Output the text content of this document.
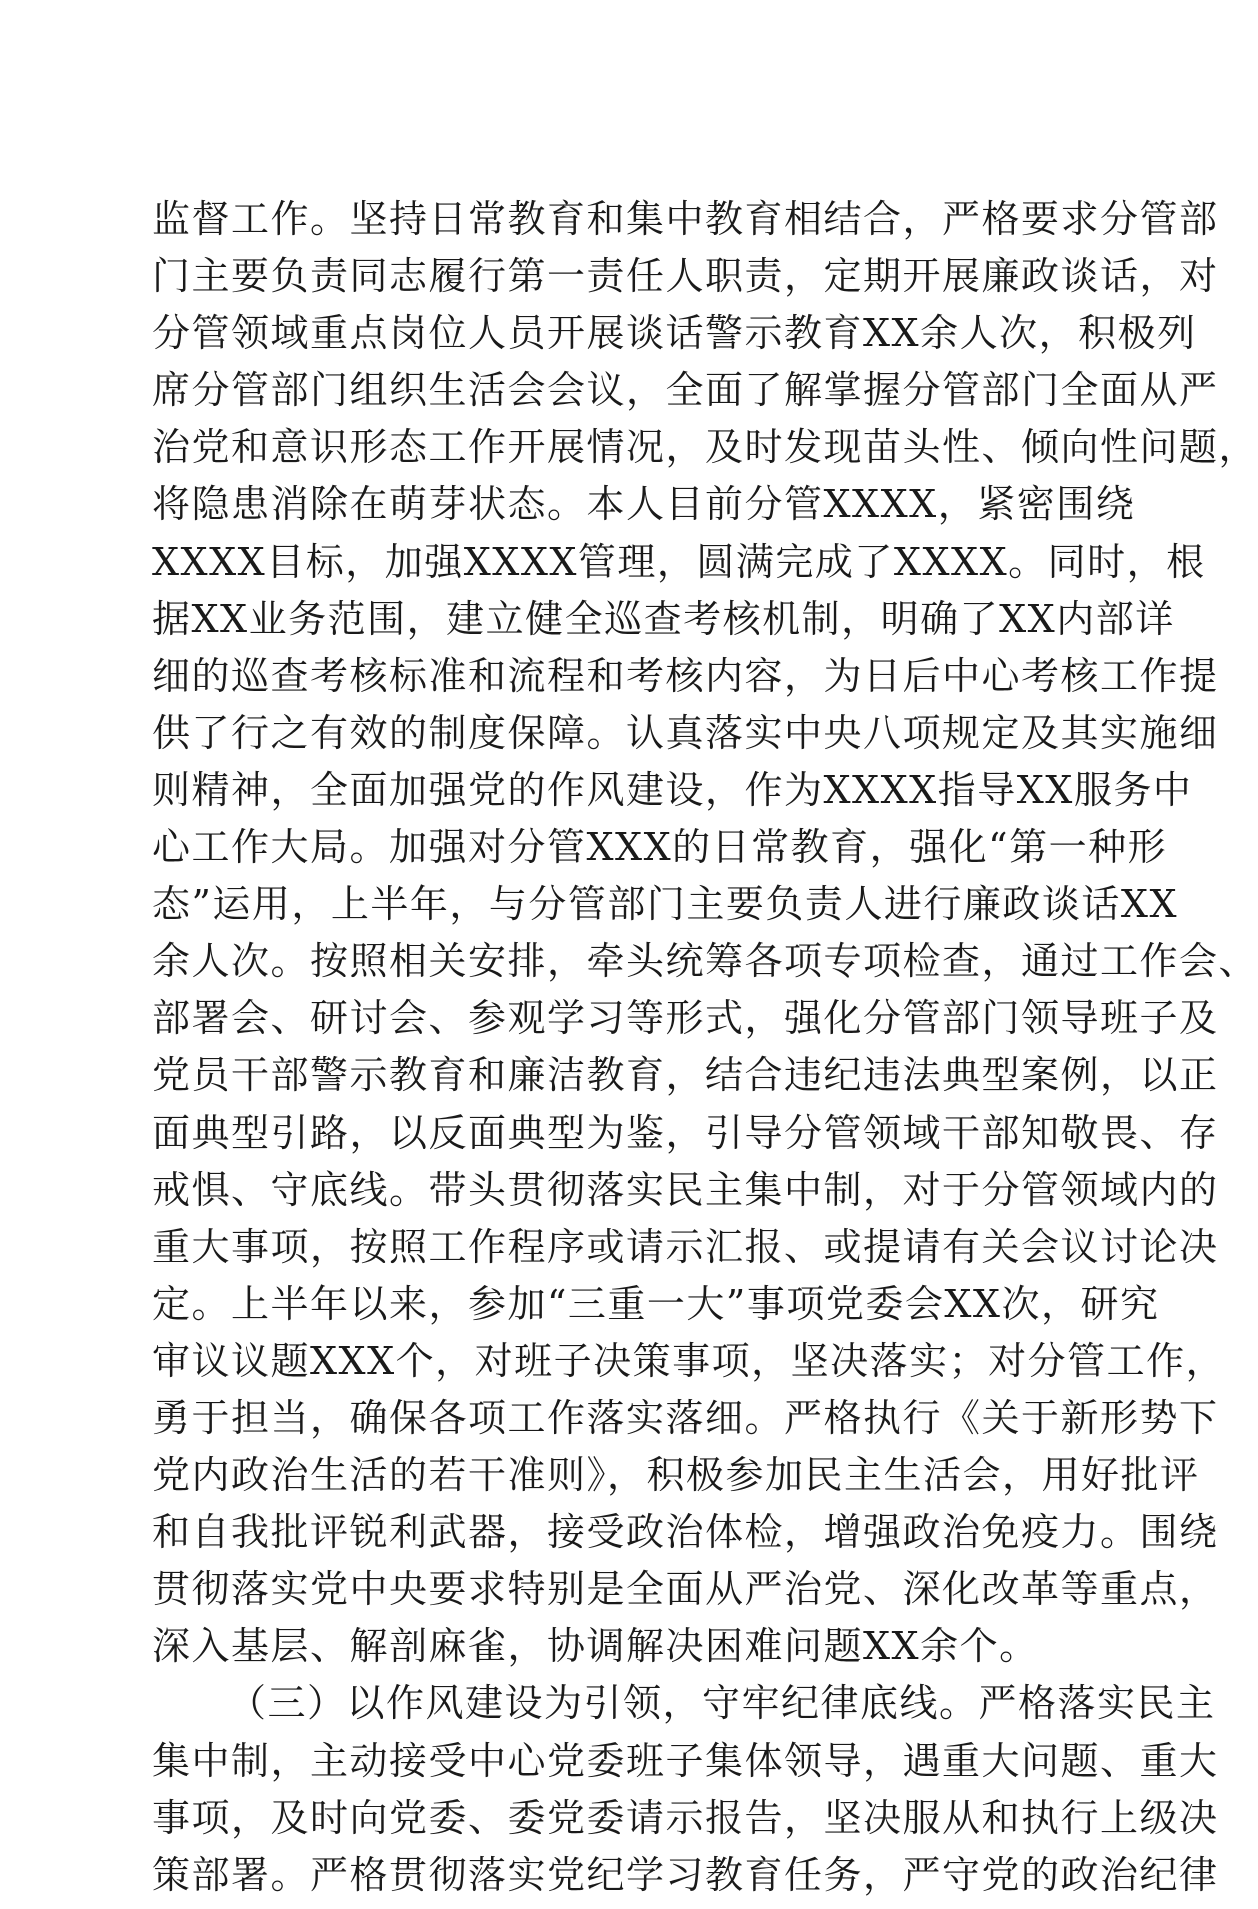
监督工作。坚持日常教育和集中教育相结合，严格要求分管部
门主要负责同志履行第一责任人职责，定期开展廉政谈话，对
分管领域重点岗位人员开展谈话警示教育XX余人次，积极列
席分管部门组织生活会会议，全面了解掌握分管部门全面从严
治党和意识形态工作开展情况，及时发现苗头性、倾向性问题，
将隐患消除在萌芽状态。本人目前分管XXXX，紧密围绕
XXXX目标，加强XXXX管理，圆满完成了XXXX。同时，根
据XX业务范围，建立健全巡查考核机制，明确了XX内部详
细的巡查考核标准和流程和考核内容，为日后中心考核工作提
供了行之有效的制度保障。认真落实中央八项规定及其实施细
则精神，全面加强党的作风建设，作为XXXX指导XX服务中
心工作大局。加强对分管XXX的日常教育，强化“第一种形
态”运用，上半年，与分管部门主要负责人进行廉政谈话XX
余人次。按照相关安排，牵头统筹各项专项检查，通过工作会、
部署会、研讨会、参观学习等形式，强化分管部门领导班子及
党员干部警示教育和廉洁教育，结合违纪违法典型案例，以正
面典型引路，以反面典型为鉴，引导分管领域干部知敬畏、存
戒惧、守底线。带头贯彻落实民主集中制，对于分管领域内的
重大事项，按照工作程序或请示汇报、或提请有关会议讨论决
定。上半年以来，参加“三重一大”事项党委会XX次，研究
审议议题XXX个，对班子决策事项，坚决落实；对分管工作，
勇于担当，确保各项工作落实落细。严格执行《关于新形势下
党内政治生活的若干准则》，积极参加民主生活会，用好批评
和自我批评锐利武器，接受政治体检，增强政治免疫力。围绕
贯彻落实党中央要求特别是全面从严治党、深化改革等重点，
深入基层、解剖麻雀，协调解决困难问题XX余个。
（三）以作风建设为引领，守牢纪律底线。严格落实民主
集中制，主动接受中心党委班子集体领导，遇重大问题、重大
事项，及时向党委、委党委请示报告，坚决服从和执行上级决
策部署。严格贯彻落实党纪学习教育任务，严守党的政治纪律
